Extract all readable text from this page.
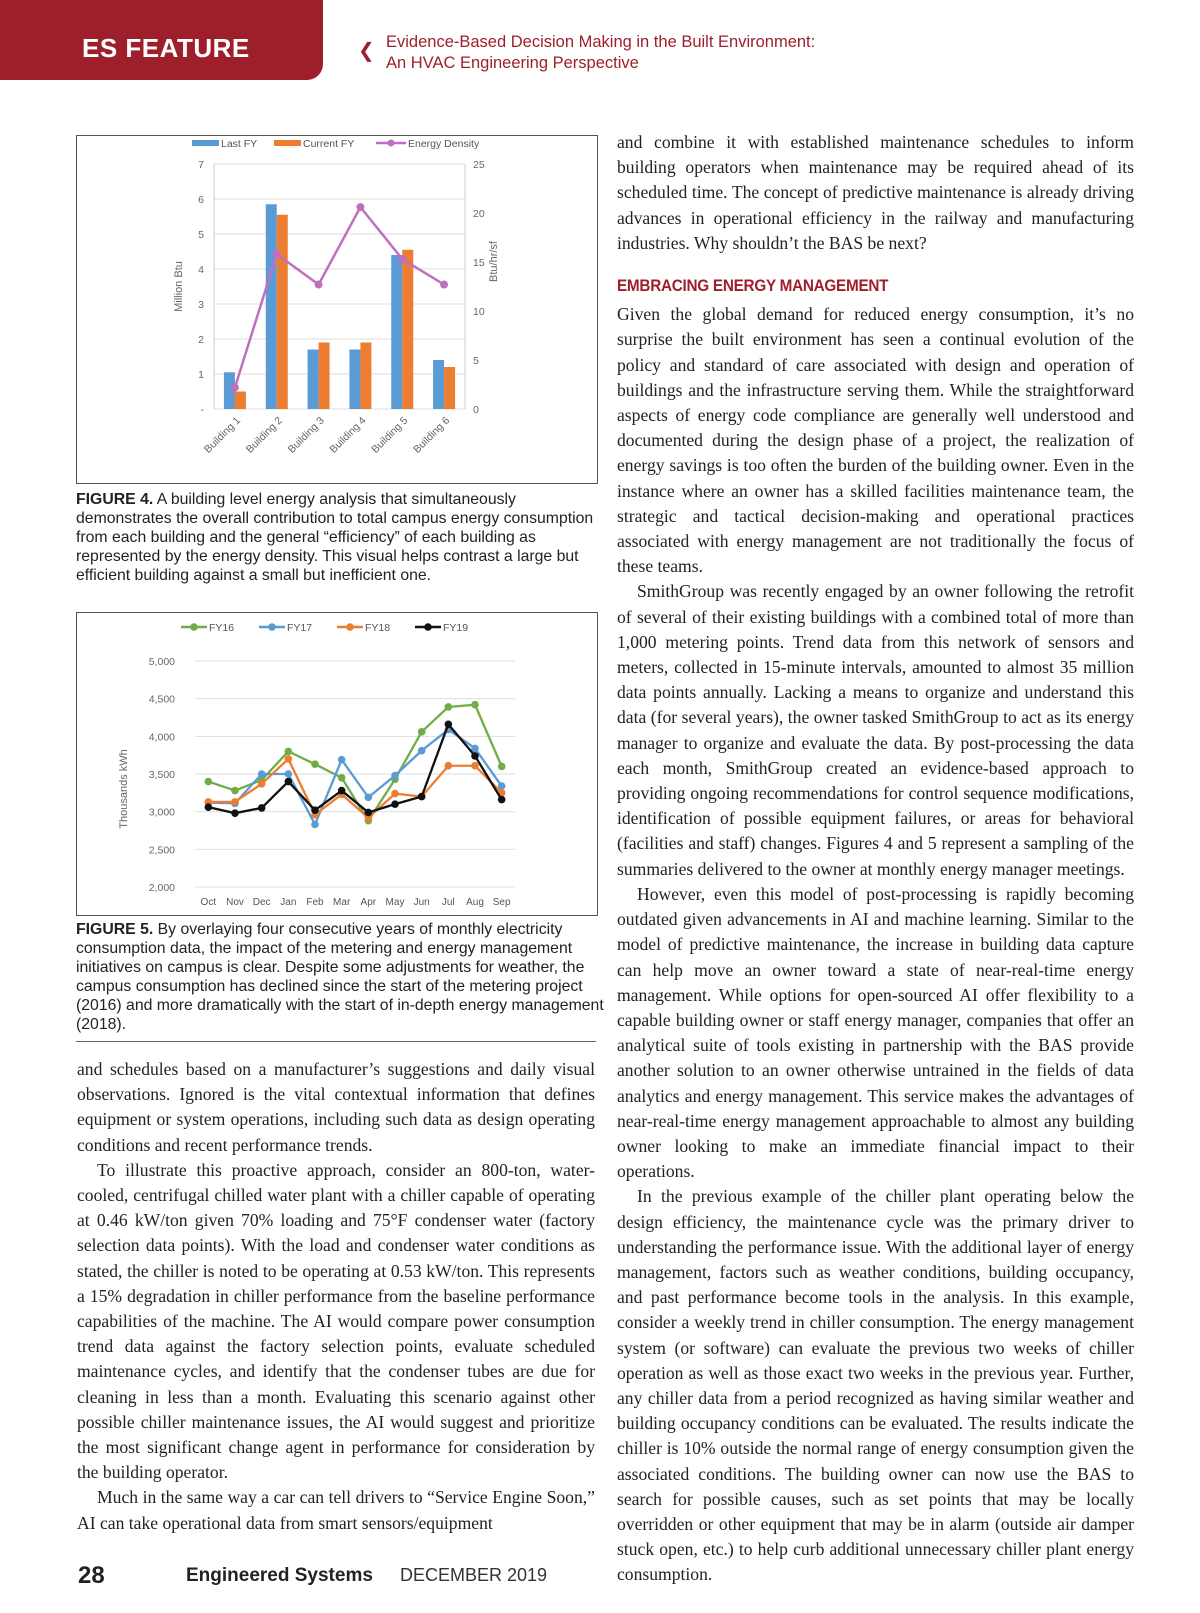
ES FEATURE	❮ Evidence-Based Decision Making in the Built Environment:
An HVAC Engineering Perspective
-
1
2
3
4
5
6
7
0
5
10
15
20
25
Million Btu	Btu/hr/sf
Building 1 Building 2 Building 3 Building 4 Building 5 Building 6
Last FY	Current FY	Energy Density
FIGURE 4. A building level energy analysis that simultaneously demonstrates the overall contribution to total campus energy consumption from each building and the general “efficiency” of each building as represented by the energy density. This visual helps contrast a large but efficient building against a small but inefficient one.
2,000
2,500
3,000
3,500
4,000
4,500
5,000
Thousands kWh
Oct Nov Dec Jan Feb Mar Apr May Jun Jul Aug Sep
FY16	FY17	FY18	FY19
FIGURE 5. By overlaying four consecutive years of monthly electricity consumption data, the impact of the metering and energy management initiatives on campus is clear. Despite some adjustments for weather, the campus consumption has declined since the start of the metering project (2016) and more dramatically with the start of in-depth energy management (2018).

and schedules based on a manufacturer’s suggestions and daily visual observations. Ignored is the vital contextual information that defines equipment or system operations, including such data as design operating conditions and recent performance trends.

To illustrate this proactive approach, consider an 800-ton, water-cooled, centrifugal chilled water plant with a chiller capable of operating at 0.46 kW/ton given 70% loading and 75°F condenser water (factory selection data points). With the load and condenser water conditions as stated, the chiller is noted to be operating at 0.53 kW/ton. This represents a 15% degradation in chiller performance from the baseline performance capabilities of the machine. The AI would compare power consumption trend data against the factory selection points, evaluate scheduled maintenance cycles, and identify that the condenser tubes are due for cleaning in less than a month. Evaluating this scenario against other possible chiller maintenance issues, the AI would suggest and prioritize the most significant change agent in performance for consideration by the building operator.

Much in the same way a car can tell drivers to “Service Engine Soon,” AI can take operational data from smart sensors/equipment

and combine it with established maintenance schedules to inform building operators when maintenance may be required ahead of its scheduled time. The concept of predictive maintenance is already driving advances in operational efficiency in the railway and manufacturing industries. Why shouldn’t the BAS be next?

EMBRACING ENERGY MANAGEMENT

Given the global demand for reduced energy consumption, it’s no surprise the built environment has seen a continual evolution of the policy and standard of care associated with design and operation of buildings and the infrastructure serving them. While the straightforward aspects of energy code compliance are generally well understood and documented during the design phase of a project, the realization of energy savings is too often the burden of the building owner. Even in the instance where an owner has a skilled facilities maintenance team, the strategic and tactical decision-making and operational practices associated with energy management are not traditionally the focus of these teams.

SmithGroup was recently engaged by an owner following the retrofit of several of their existing buildings with a combined total of more than 1,000 metering points. Trend data from this network of sensors and meters, collected in 15-minute intervals, amounted to almost 35 million data points annually. Lacking a means to organize and understand this data (for several years), the owner tasked SmithGroup to act as its energy manager to organize and evaluate the data. By post-processing the data each month, SmithGroup created an evidence-based approach to providing ongoing recommendations for control sequence modifications, identification of possible equipment failures, or areas for behavioral (facilities and staff) changes. Figures 4 and 5 represent a sampling of the summaries delivered to the owner at monthly energy manager meetings.

However, even this model of post-processing is rapidly becoming outdated given advancements in AI and machine learning. Similar to the model of predictive maintenance, the increase in building data capture can help move an owner toward a state of near-real-time energy management. While options for open-sourced AI offer flexibility to a capable building owner or staff energy manager, companies that offer an analytical suite of tools existing in partnership with the BAS provide another solution to an owner otherwise untrained in the fields of data analytics and energy management. This service makes the advantages of near-real-time energy management approachable to almost any building owner looking to make an immediate financial impact to their operations.

In the previous example of the chiller plant operating below the design efficiency, the maintenance cycle was the primary driver to understanding the performance issue. With the additional layer of energy management, factors such as weather conditions, building occupancy, and past performance become tools in the analysis. In this example, consider a weekly trend in chiller consumption. The energy management system (or software) can evaluate the previous two weeks of chiller operation as well as those exact two weeks in the previous year. Further, any chiller data from a period recognized as having similar weather and building occupancy conditions can be evaluated. The results indicate the chiller is 10% outside the normal range of energy consumption given the associated conditions. The building owner can now use the BAS to search for possible causes, such as set points that may be locally overridden or other equipment that may be in alarm (outside air damper stuck open, etc.) to help curb additional unnecessary chiller plant energy consumption.

28	Engineered Systems DECEMBER 2019
